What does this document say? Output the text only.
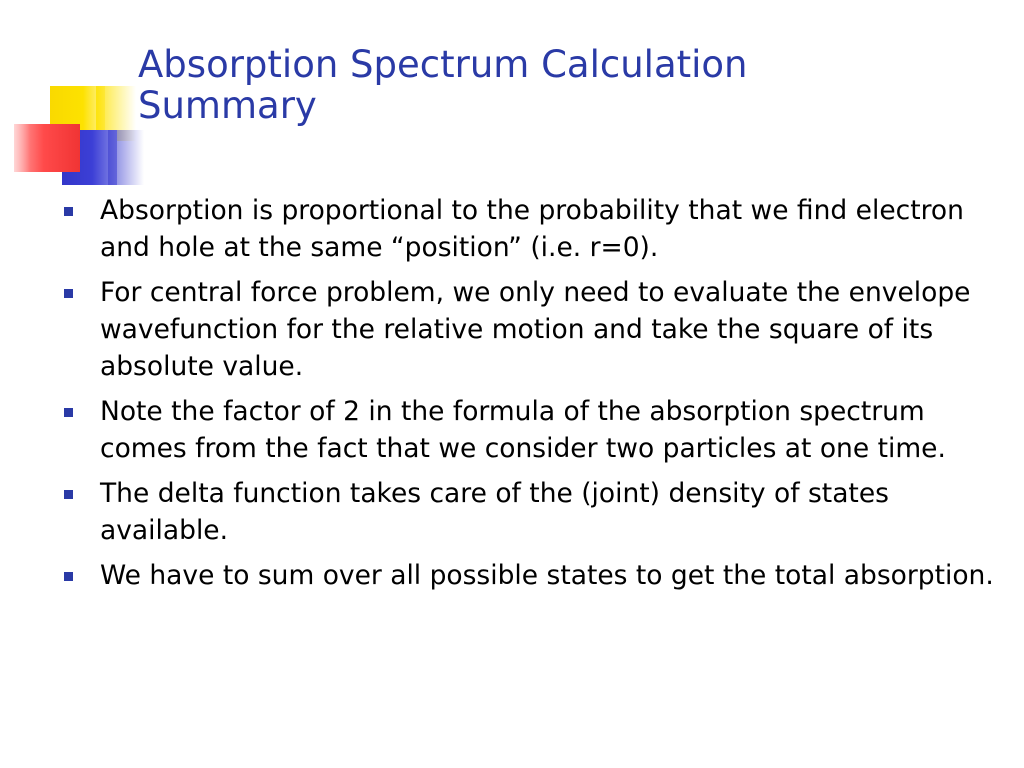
Absorption Spectrum Calculation
Summary
Absorption is proportional to the probability that we find electron and hole at the same “position” (i.e. r=0).
For central force problem, we only need to evaluate the envelope wavefunction for the relative motion and take the square of its absolute value.
Note the factor of 2 in the formula of the absorption spectrum comes from the fact that we consider two particles at one time.
The delta function takes care of the (joint) density of states available.
We have to sum over all possible states to get the total absorption.
